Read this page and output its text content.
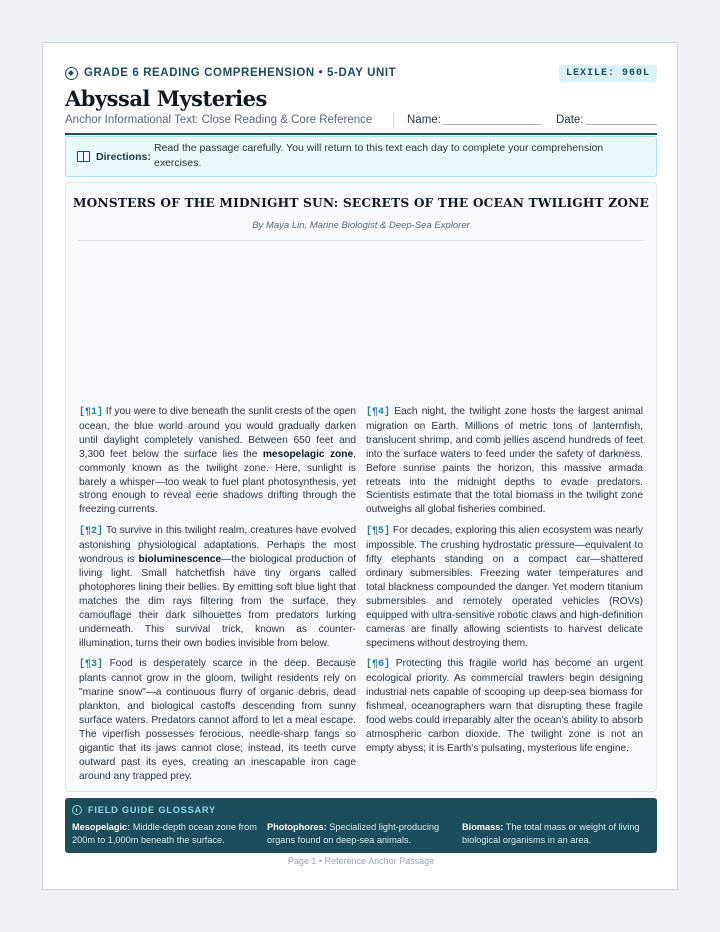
GRADE 6 READING COMPREHENSION • 5-DAY UNIT	LEXILE: 960L
Abyssal Mysteries
Anchor Informational Text: Close Reading & Core Reference	Name:	Date:
Directions:
Read the passage carefully. You will return to this text each day to complete your comprehension exercises.
MONSTERS OF THE MIDNIGHT SUN: SECRETS OF THE OCEAN TWILIGHT ZONE
By Maya Lin, Marine Biologist & Deep-Sea Explorer

[¶1] If you were to dive beneath the sunlit crests of the open ocean, the blue world around you would gradually darken until daylight completely vanished. Between 650 feet and 3,300 feet below the surface lies the mesopelagic zone, commonly known as the twilight zone. Here, sunlight is barely a whisper—too weak to fuel plant photosynthesis, yet strong enough to reveal eerie shadows drifting through the freezing currents.

[¶2] To survive in this twilight realm, creatures have evolved astonishing physiological adaptations. Perhaps the most wondrous is bioluminescence—the biological production of living light. Small hatchetfish have tiny organs called photophores lining their bellies. By emitting soft blue light that matches the dim rays filtering from the surface, they camouflage their dark silhouettes from predators lurking underneath. This survival trick, known as counter-illumination, turns their own bodies invisible from below.

[¶3] Food is desperately scarce in the deep. Because plants cannot grow in the gloom, twilight residents rely on "marine snow"—a continuous flurry of organic debris, dead plankton, and biological castoffs descending from sunny surface waters. Predators cannot afford to let a meal escape. The viperfish possesses ferocious, needle-sharp fangs so gigantic that its jaws cannot close; instead, its teeth curve outward past its eyes, creating an inescapable iron cage around any trapped prey.

[¶4] Each night, the twilight zone hosts the largest animal migration on Earth. Millions of metric tons of lanternfish, translucent shrimp, and comb jellies ascend hundreds of feet into the surface waters to feed under the safety of darkness. Before sunrise paints the horizon, this massive armada retreats into the midnight depths to evade predators. Scientists estimate that the total biomass in the twilight zone outweighs all global fisheries combined.

[¶5] For decades, exploring this alien ecosystem was nearly impossible. The crushing hydrostatic pressure—equivalent to fifty elephants standing on a compact car—shattered ordinary submersibles. Freezing water temperatures and total blackness compounded the danger. Yet modern titanium submersibles and remotely operated vehicles (ROVs) equipped with ultra-sensitive robotic claws and high-definition cameras are finally allowing scientists to harvest delicate specimens without destroying them.

[¶6] Protecting this fragile world has become an urgent ecological priority. As commercial trawlers begin designing industrial nets capable of scooping up deep-sea biomass for fishmeal, oceanographers warn that disrupting these fragile food webs could irreparably alter the ocean's ability to absorb atmospheric carbon dioxide. The twilight zone is not an empty abyss; it is Earth's pulsating, mysterious life engine.

FIELD GUIDE GLOSSARY
Mesopelagic: Middle-depth ocean zone from 200m to 1,000m beneath the surface.
Photophores: Specialized light-producing organs found on deep-sea animals.
Biomass: The total mass or weight of living biological organisms in an area.
Page 1 • Reference Anchor Passage
